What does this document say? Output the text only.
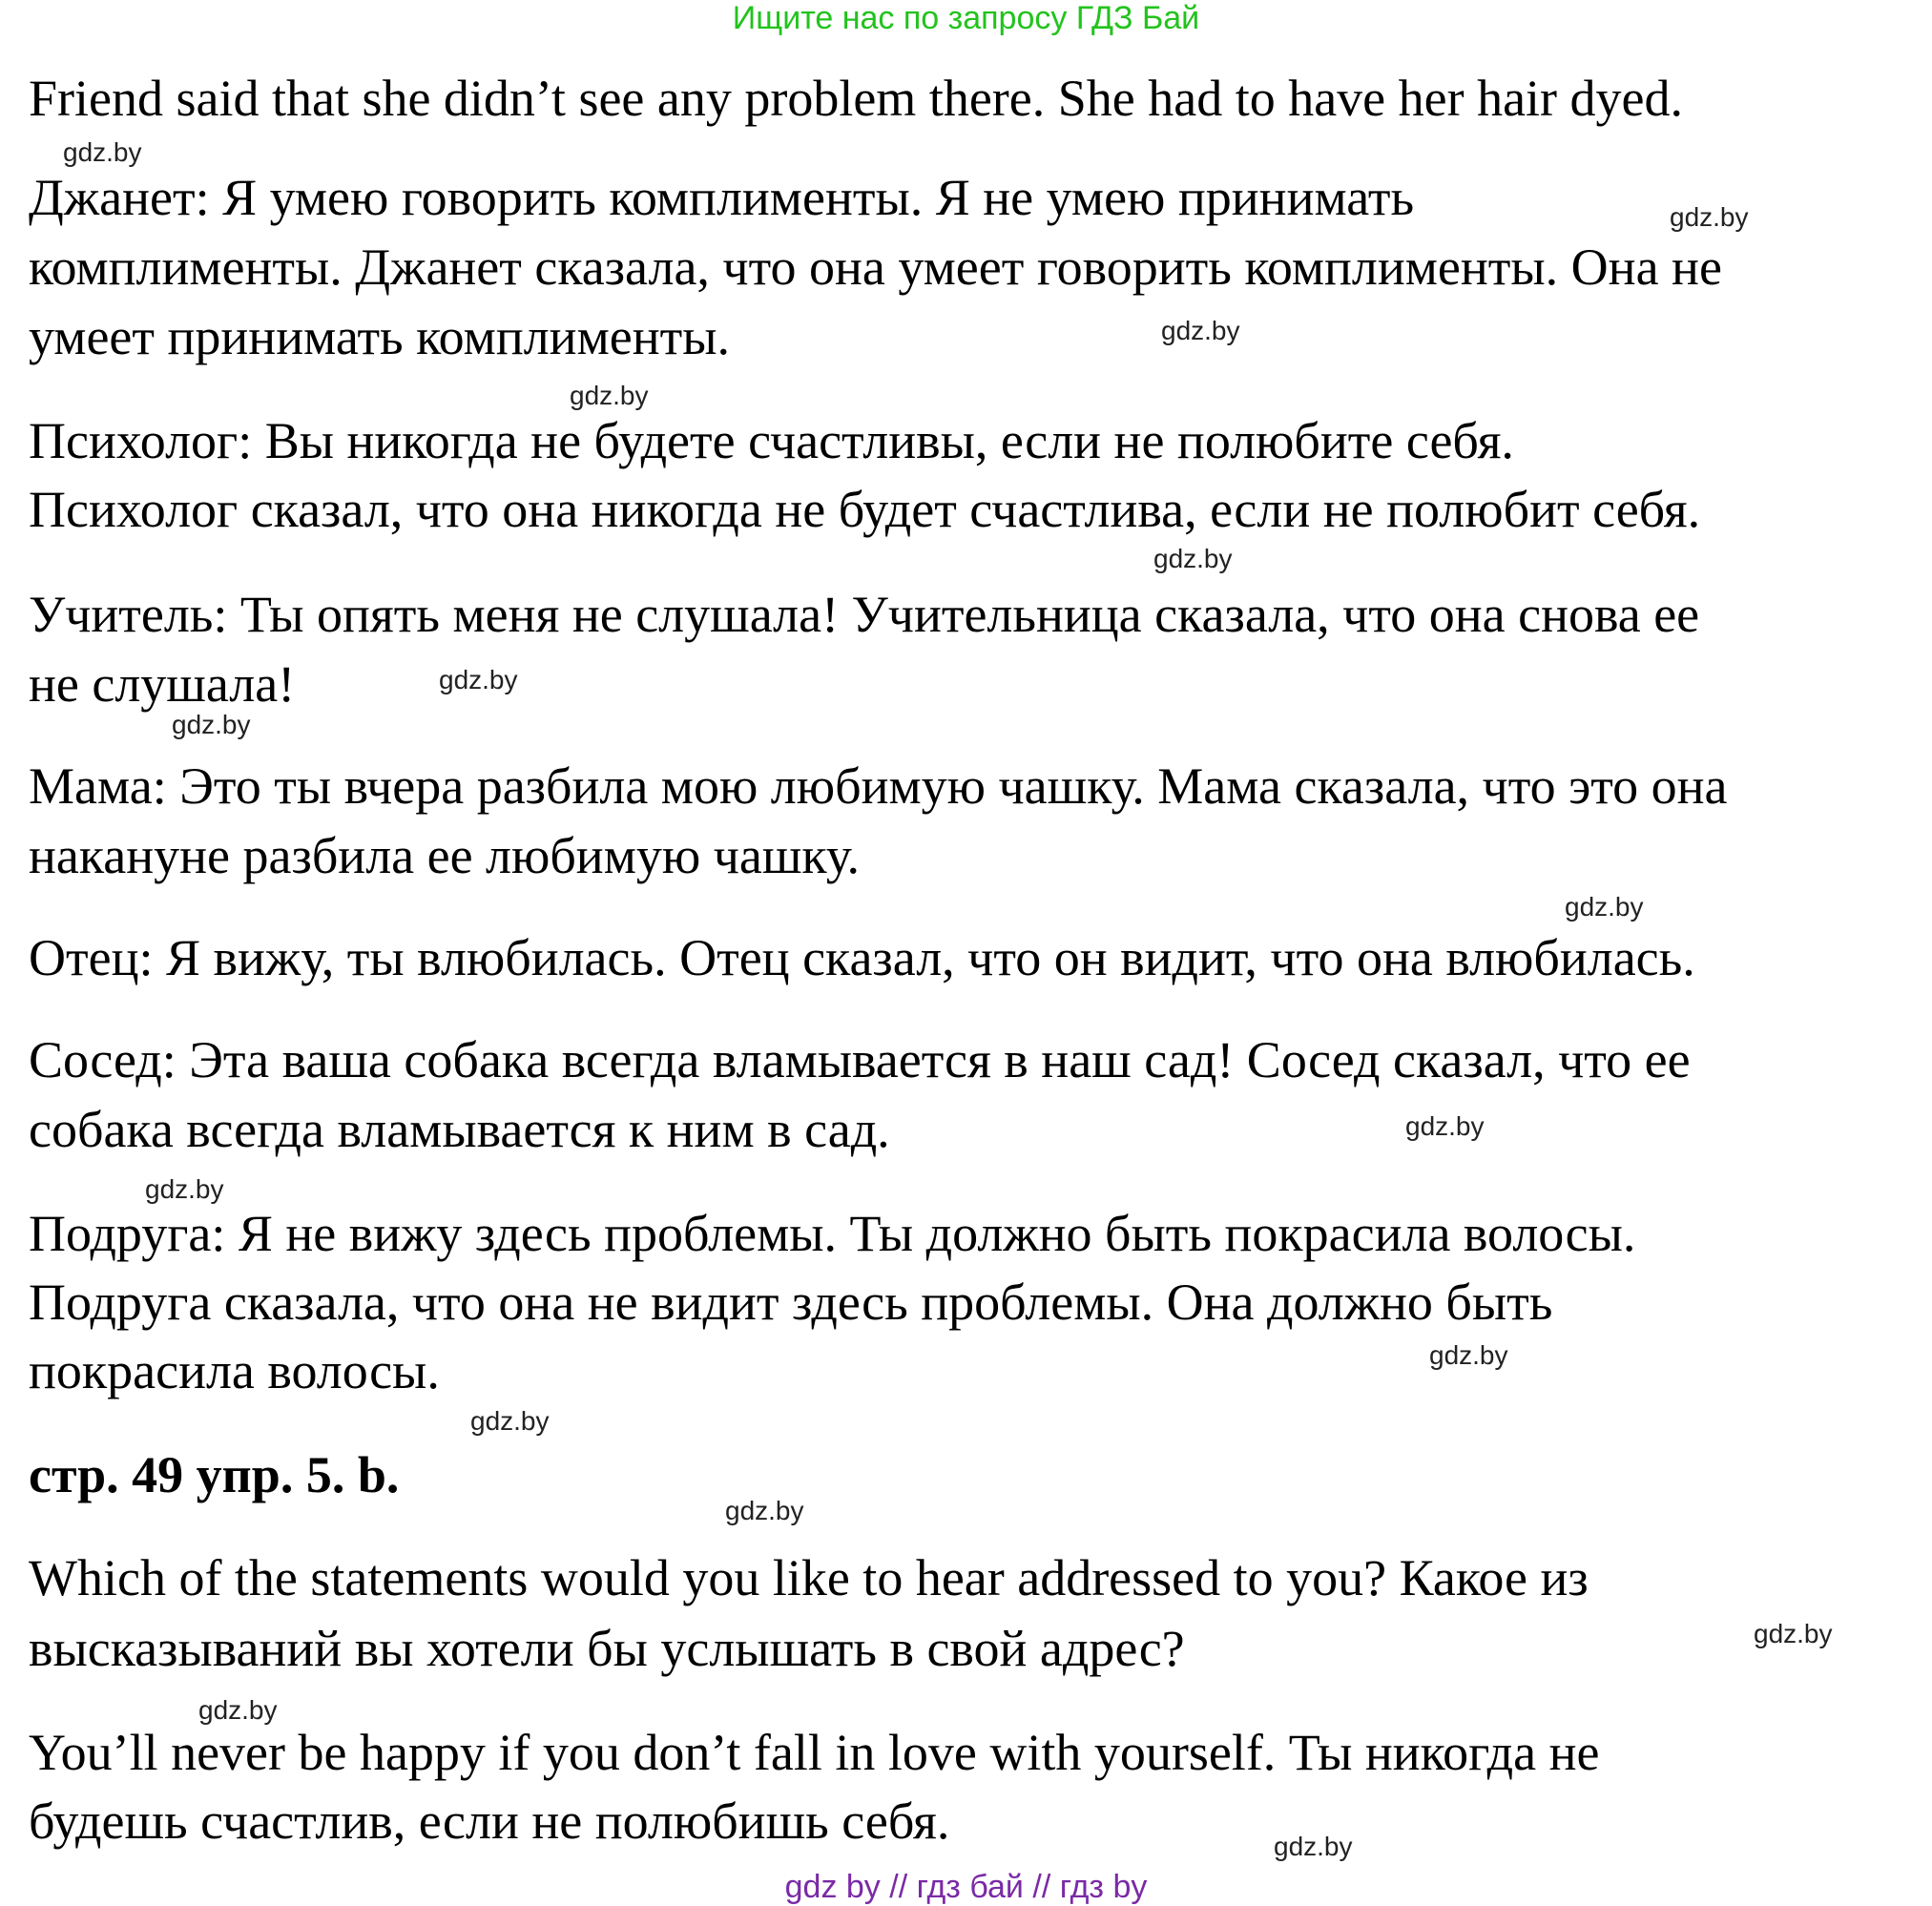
Ищите нас по запросу ГДЗ Бай
Friend said that she didn’t see any problem there. She had to have her hair dyed.
Джанет: Я умею говорить комплименты. Я не умею принимать
комплименты. Джанет сказала, что она умеет говорить комплименты. Она не
умеет принимать комплименты.
Психолог: Вы никогда не будете счастливы, если не полюбите себя.
Психолог сказал, что она никогда не будет счастлива, если не полюбит себя.
Учитель: Ты опять меня не слушала! Учительница сказала, что она снова ее
не слушала!
Мама: Это ты вчера разбила мою любимую чашку. Мама сказала, что это она
накануне разбила ее любимую чашку.
Отец: Я вижу, ты влюбилась. Отец сказал, что он видит, что она влюбилась.
Сосед: Эта ваша собака всегда вламывается в наш сад! Сосед сказал, что ее
собака всегда вламывается к ним в сад.
Подруга: Я не вижу здесь проблемы. Ты должно быть покрасила волосы.
Подруга сказала, что она не видит здесь проблемы. Она должно быть
покрасила волосы.
стр. 49 упр. 5. b.
Which of the statements would you like to hear addressed to you? Какое из
высказываний вы хотели бы услышать в свой адрес?
You’ll never be happy if you don’t fall in love with yourself. Ты никогда не
будешь счастлив, если не полюбишь себя.
gdz.by
gdz.by
gdz.by
gdz.by
gdz.by
gdz.by
gdz.by
gdz.by
gdz.by
gdz.by
gdz.by
gdz.by
gdz.by
gdz.by
gdz.by
gdz.by
gdz by // гдз бай // гдз by
